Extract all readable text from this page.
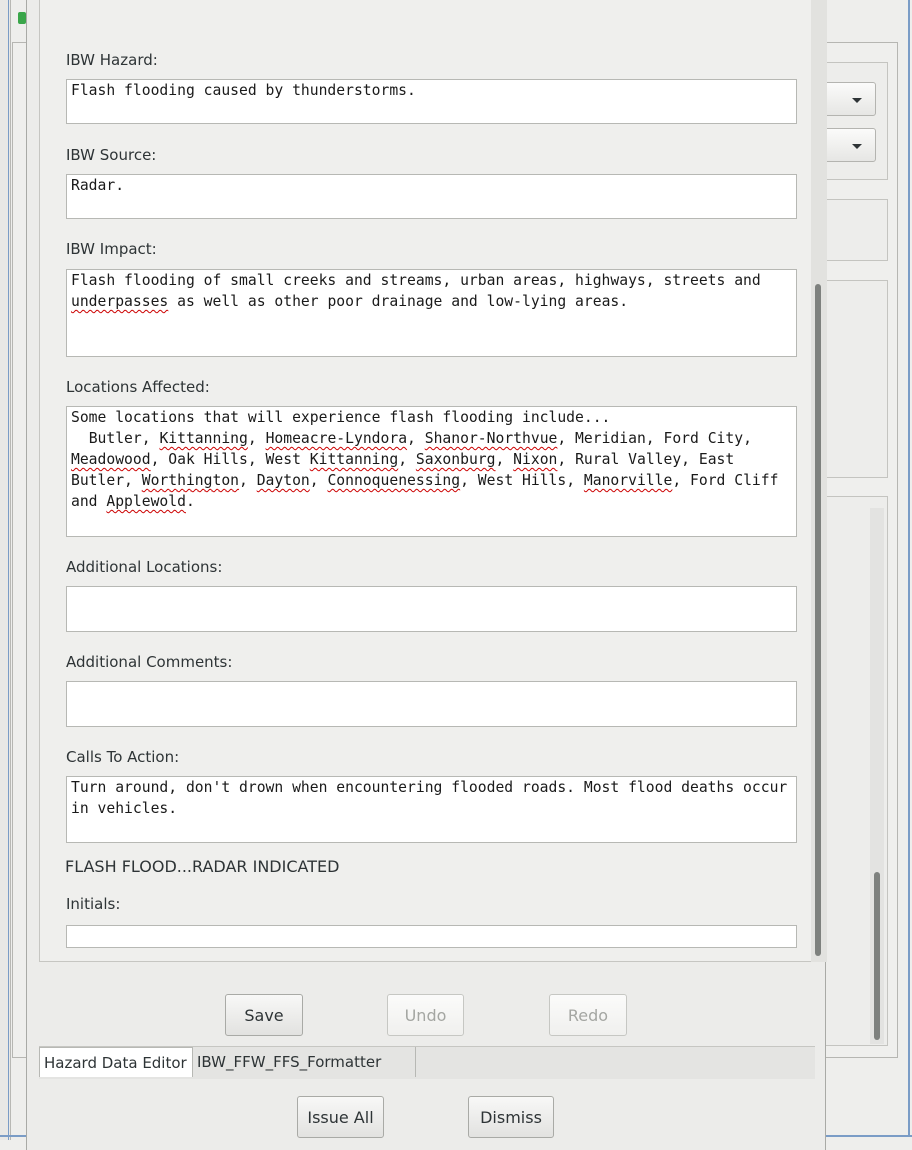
IBW Hazard:
Flash flooding caused by thunderstorms.
IBW Source:
Radar.
IBW Impact:
Flash flooding of small creeks and streams, urban areas, highways, streets and underpasses as well as other poor drainage and low-lying areas.
Locations Affected:
Some locations that will experience flash flooding include...
Butler, Kittanning, Homeacre-Lyndora, Shanor-Northvue, Meridian, Ford City, Meadowood, Oak Hills, West Kittanning, Saxonburg, Nixon, Rural Valley, East Butler, Worthington, Dayton, Connoquenessing, West Hills, Manorville, Ford Cliff and Applewold.
Additional Locations:
Additional Comments:
Calls To Action:
Turn around, don't drown when encountering flooded roads. Most flood deaths occur in vehicles.
FLASH FLOOD...RADAR INDICATED
Initials:
Save	Undo	Redo
Hazard Data Editor IBW_FFW_FFS_Formatter
Issue All	Dismiss
